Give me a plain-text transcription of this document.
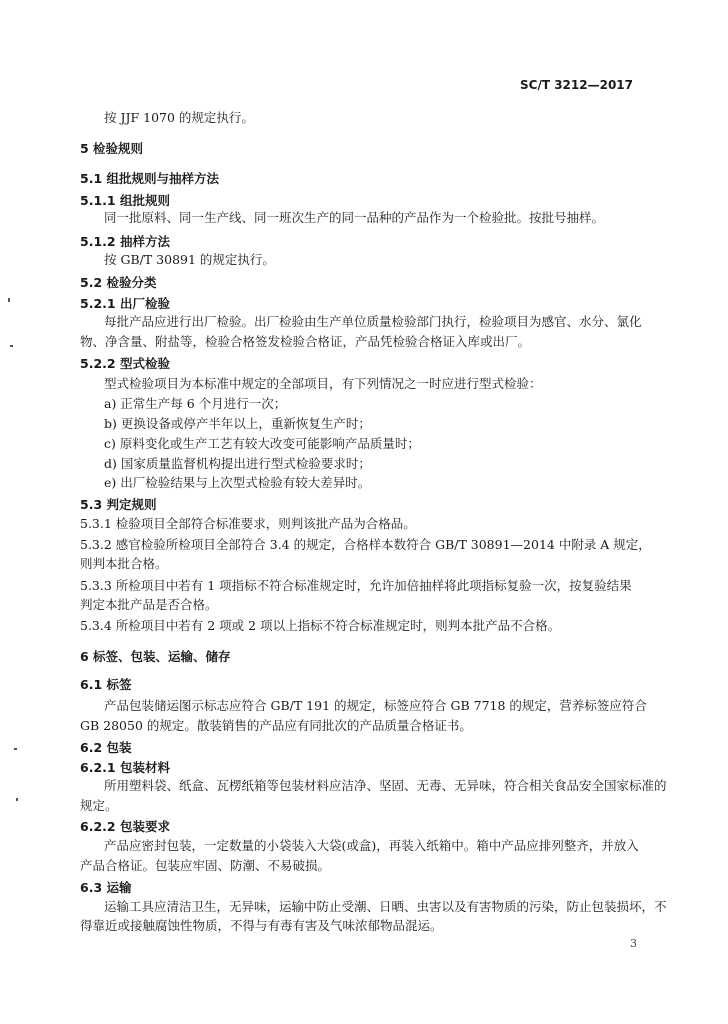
SC/T 3212—2017
按 JJF 1070 的规定执行。
5 检验规则
5.1 组批规则与抽样方法
5.1.1 组批规则
同一批原料、同一生产线、同一班次生产的同一品种的产品作为一个检验批。按批号抽样。
5.1.2 抽样方法
按 GB/T 30891 的规定执行。
5.2 检验分类
5.2.1 出厂检验
每批产品应进行出厂检验。出厂检验由生产单位质量检验部门执行，检验项目为感官、水分、氯化
物、净含量、附盐等，检验合格签发检验合格证，产品凭检验合格证入库或出厂。
5.2.2 型式检验
型式检验项目为本标准中规定的全部项目，有下列情况之一时应进行型式检验：
a) 正常生产每 6 个月进行一次；
b) 更换设备或停产半年以上，重新恢复生产时；
c) 原料变化或生产工艺有较大改变可能影响产品质量时；
d) 国家质量监督机构提出进行型式检验要求时；
e) 出厂检验结果与上次型式检验有较大差异时。
5.3 判定规则
5.3.1 检验项目全部符合标准要求，则判该批产品为合格品。
5.3.2 感官检验所检项目全部符合 3.4 的规定，合格样本数符合 GB/T 30891—2014 中附录 A 规定，
则判本批合格。
5.3.3 所检项目中若有 1 项指标不符合标准规定时，允许加倍抽样将此项指标复验一次，按复验结果
判定本批产品是否合格。
5.3.4 所检项目中若有 2 项或 2 项以上指标不符合标准规定时，则判本批产品不合格。
6 标签、包装、运输、储存
6.1 标签
产品包装储运图示标志应符合 GB/T 191 的规定，标签应符合 GB 7718 的规定，营养标签应符合
GB 28050 的规定。散装销售的产品应有同批次的产品质量合格证书。
6.2 包装
6.2.1 包装材料
所用塑料袋、纸盒、瓦楞纸箱等包装材料应洁净、坚固、无毒、无异味，符合相关食品安全国家标准的
规定。
6.2.2 包装要求
产品应密封包装，一定数量的小袋装入大袋(或盒)，再装入纸箱中。箱中产品应排列整齐，并放入
产品合格证。包装应牢固、防潮、不易破损。
6.3 运输
运输工具应清洁卫生，无异味，运输中防止受潮、日晒、虫害以及有害物质的污染，防止包装损坏，不
得靠近或接触腐蚀性物质，不得与有毒有害及气味浓郁物品混运。
3
